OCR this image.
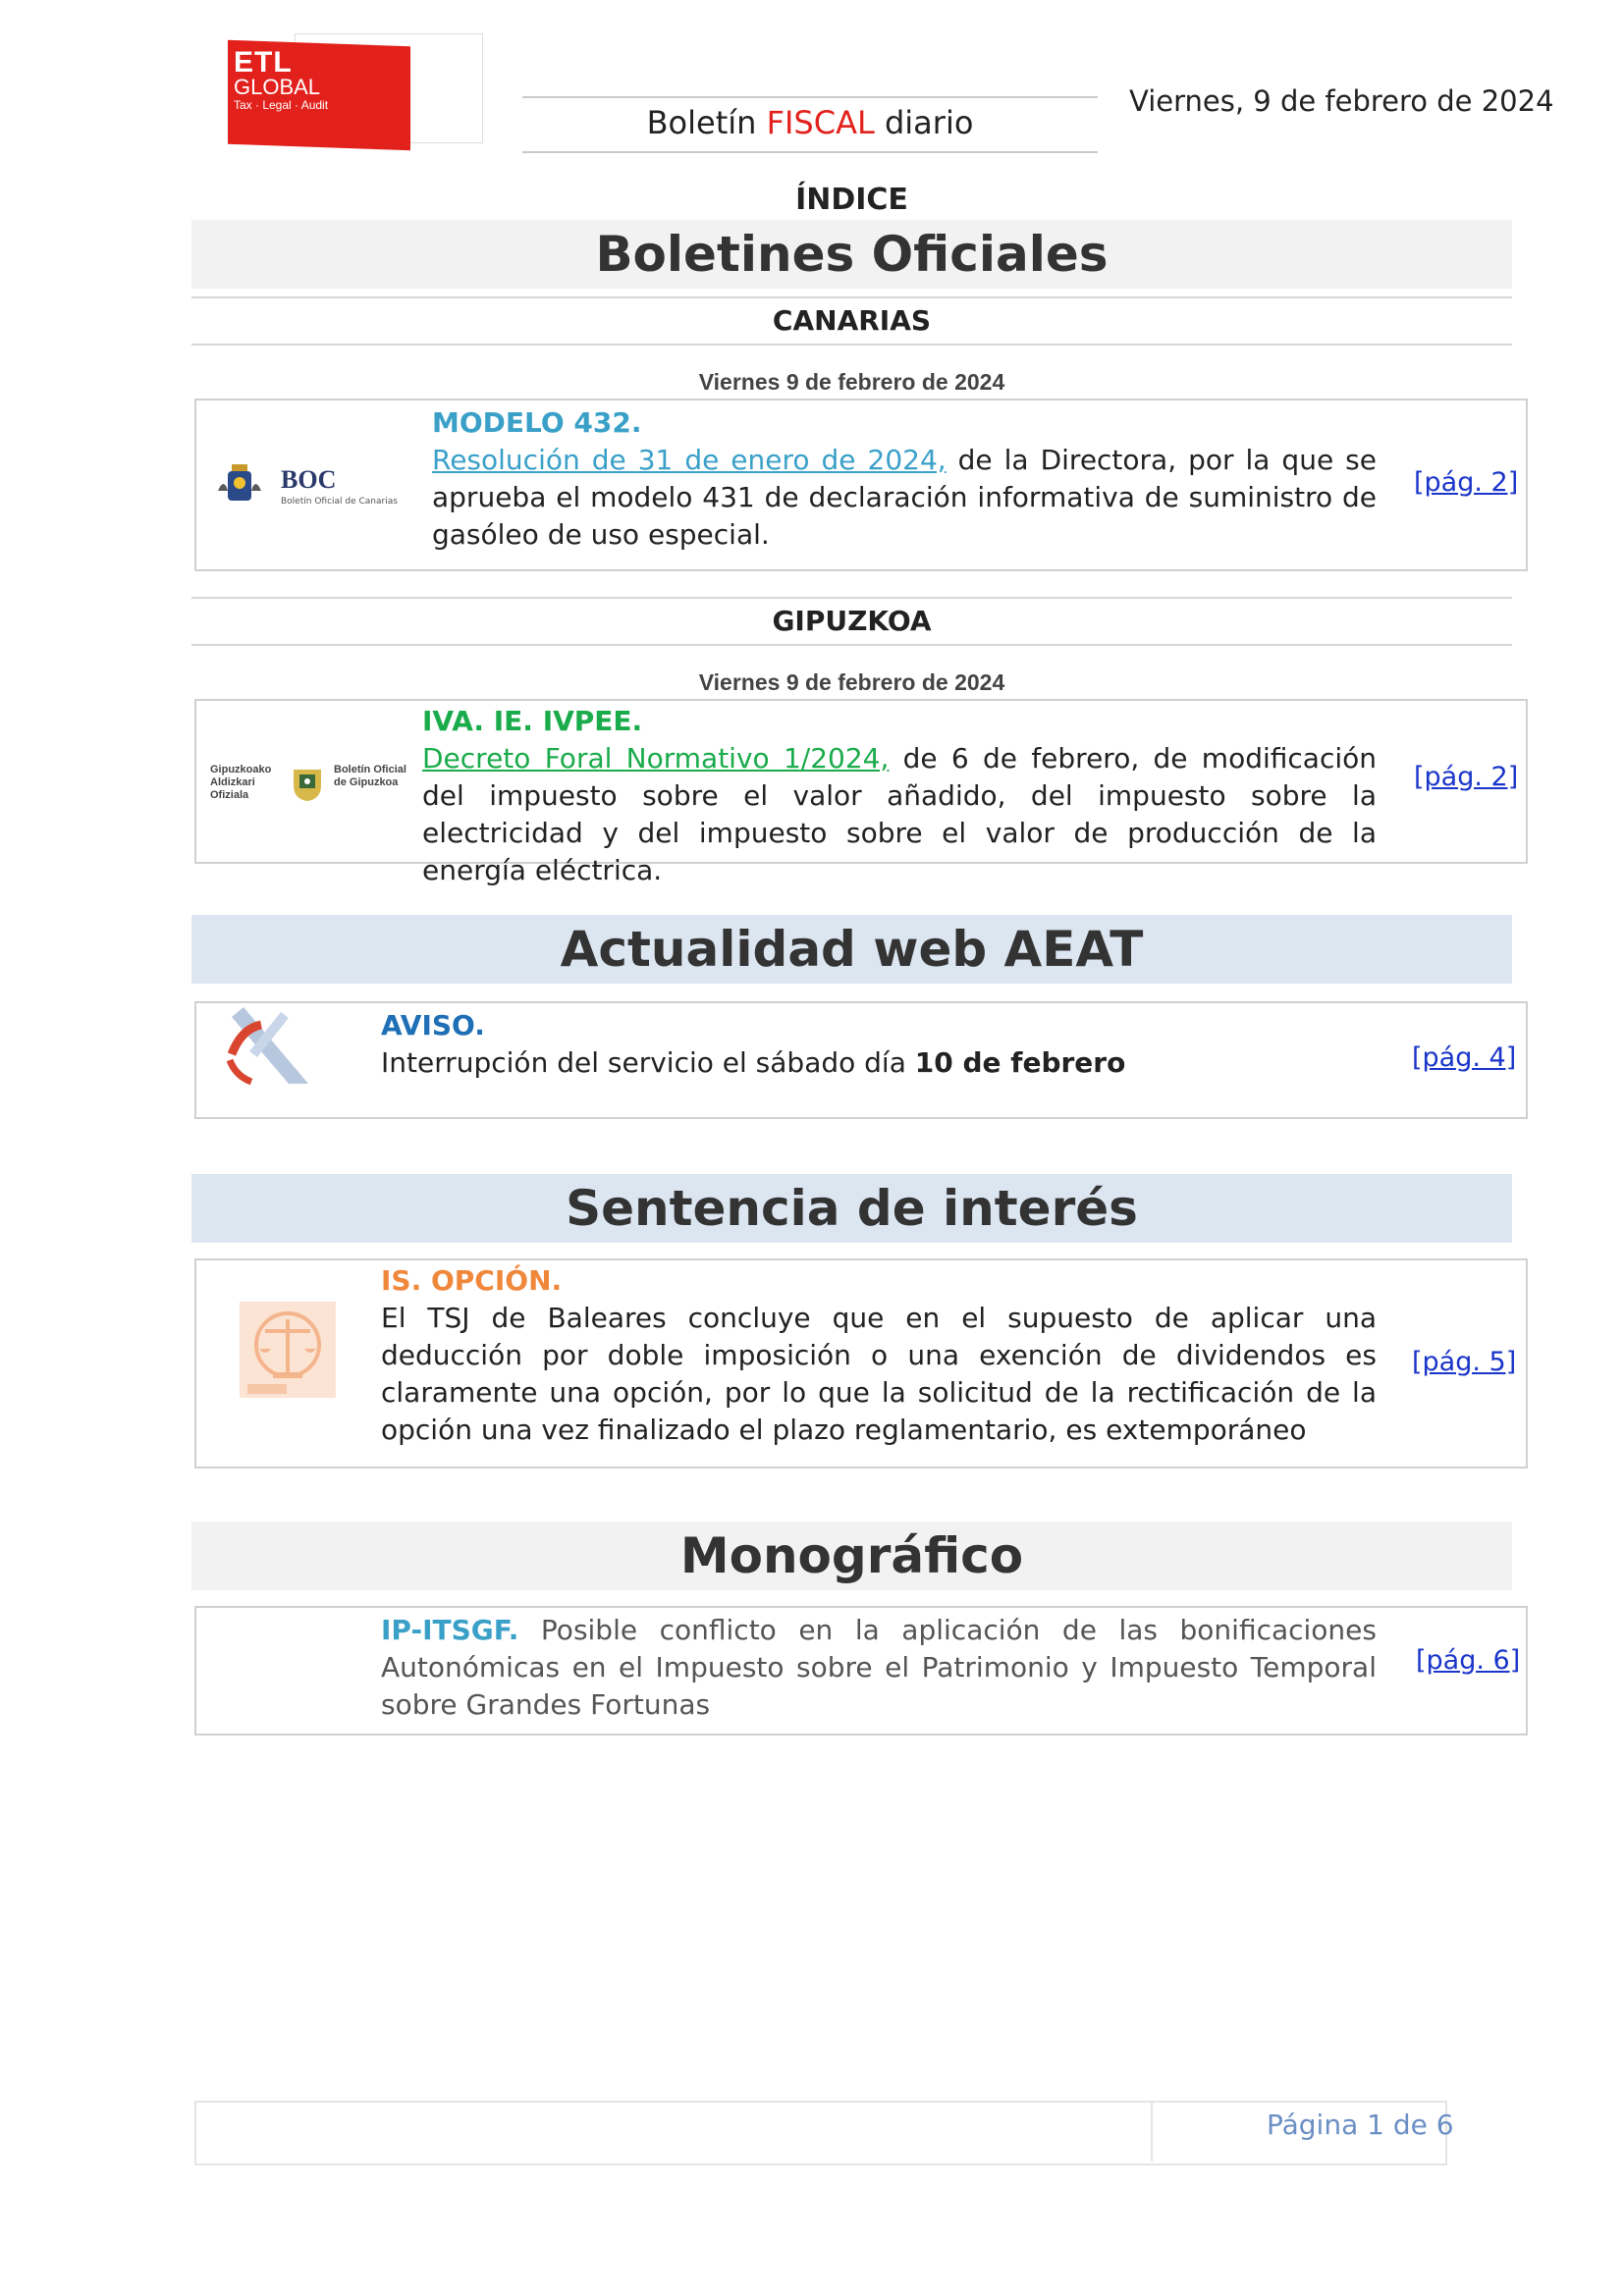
ETL
GLOBAL
Tax · Legal · Audit	Boletín FISCAL diario
Viernes, 9 de febrero de 2024
ÍNDICE
Boletines Oficiales
CANARIAS
Viernes 9 de febrero de 2024
BOC
Boletín Oficial de Canarias
MODELO 432.
Resolución de 31 de enero de 2024, de la Directora, por la que se aprueba el modelo 431 de declaración informativa de suministro de gasóleo de uso especial.
[pág. 2]
GIPUZKOA
Viernes 9 de febrero de 2024
Gipuzkoako Aldizkari Ofiziala
Boletín Oficial de Gipuzkoa
IVA. IE. IVPEE.
Decreto Foral Normativo 1/2024, de 6 de febrero, de modificación del impuesto sobre el valor añadido, del impuesto sobre la electricidad y del impuesto sobre el valor de producción de la energía eléctrica.
[pág. 2]
Actualidad web AEAT
AVISO.
Interrupción del servicio el sábado día 10 de febrero	[pág. 4]
Sentencia de interés
IS. OPCIÓN.
El TSJ de Baleares concluye que en el supuesto de aplicar una deducción por doble imposición o una exención de dividendos es claramente una opción, por lo que la solicitud de la rectificación de la opción una vez finalizado el plazo reglamentario, es extemporáneo
[pág. 5]
Monográfico
IP-ITSGF. Posible conflicto en la aplicación de las bonificaciones Autonómicas en el Impuesto sobre el Patrimonio y Impuesto Temporal sobre Grandes Fortunas
[pág. 6]
Página 1 de 6
